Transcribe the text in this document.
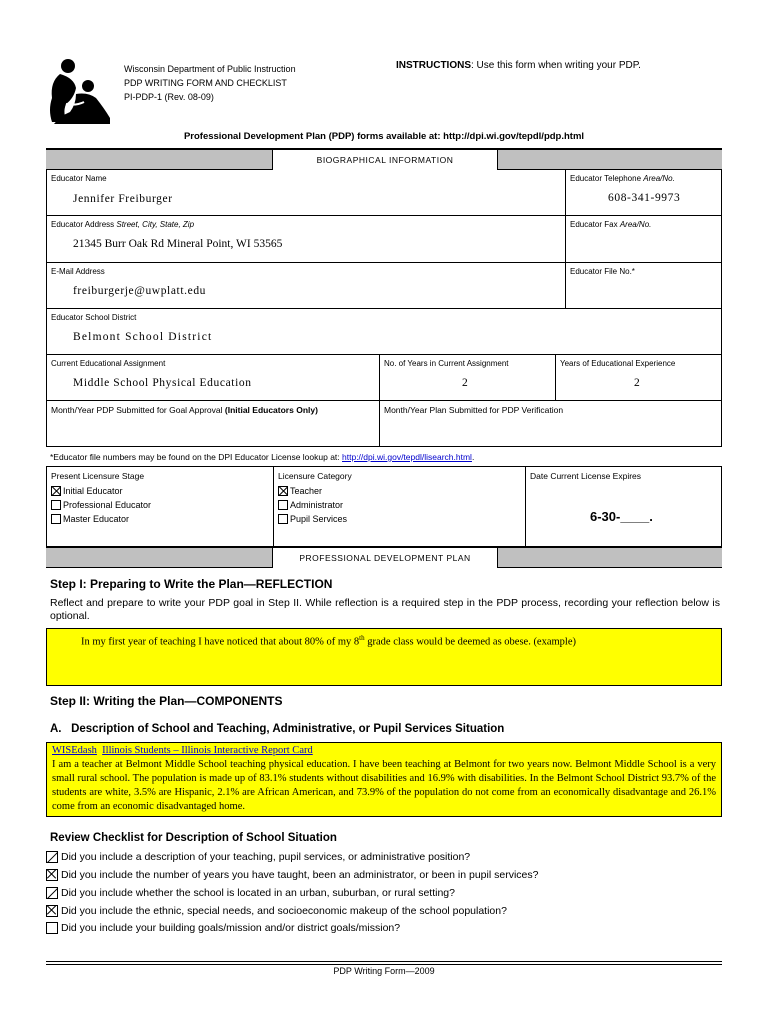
Wisconsin Department of Public Instruction
PDP WRITING FORM AND CHECKLIST
PI-PDP-1 (Rev. 08-09)
INSTRUCTIONS: Use this form when writing your PDP.
Professional Development Plan (PDP) forms available at: http://dpi.wi.gov/tepdl/pdp.html
BIOGRAPHICAL INFORMATION
Educator Name
Jennifer Freiburger
Educator Telephone Area/No.
608-341-9973
Educator Address Street, City, State, Zip
21345 Burr Oak Rd Mineral Point, WI 53565
Educator Fax Area/No.
E-Mail Address
freiburgerje@uwplatt.edu
Educator File No.*
Educator School District
Belmont School District
Current Educational Assignment
Middle School Physical Education
No. of Years in Current Assignment
2
Years of Educational Experience
2
Month/Year PDP Submitted for Goal Approval (Initial Educators Only)	Month/Year Plan Submitted for PDP Verification
*Educator file numbers may be found on the DPI Educator License lookup at: http://dpi.wi.gov/tepdl/lisearch.html.
Present Licensure Stage
Initial Educator
Professional Educator
Master Educator
Licensure Category
Teacher
Administrator
Pupil Services
Date Current License Expires
6-30-____.
PROFESSIONAL DEVELOPMENT PLAN
Step I: Preparing to Write the Plan—REFLECTION
Reflect and prepare to write your PDP goal in Step II. While reflection is a required step in the PDP process, recording your reflection below is optional.
In my first year of teaching I have noticed that about 80% of my 8th grade class would be deemed as obese. (example)
Step II: Writing the Plan—COMPONENTS
A.   Description of School and Teaching, Administrative, or Pupil Services Situation
WISEdash Illinois Students – Illinois Interactive Report Card
I am a teacher at Belmont Middle School teaching physical education. I have been teaching at Belmont for two years now. Belmont Middle School is a very small rural school. The population is made up of 83.1% students without disabilities and 16.9% with disabilities. In the Belmont School District 93.7% of the students are white, 3.5% are Hispanic, 2.1% are African American, and 73.9% of the population do not come from an economically disadvantage and 26.1% come from an economic disadvantaged home.
Review Checklist for Description of School Situation
Did you include a description of your teaching, pupil services, or administrative position?
Did you include the number of years you have taught, been an administrator, or been in pupil services?
Did you include whether the school is located in an urban, suburban, or rural setting?
Did you include the ethnic, special needs, and socioeconomic makeup of the school population?
Did you include your building goals/mission and/or district goals/mission?
PDP Writing Form—2009
